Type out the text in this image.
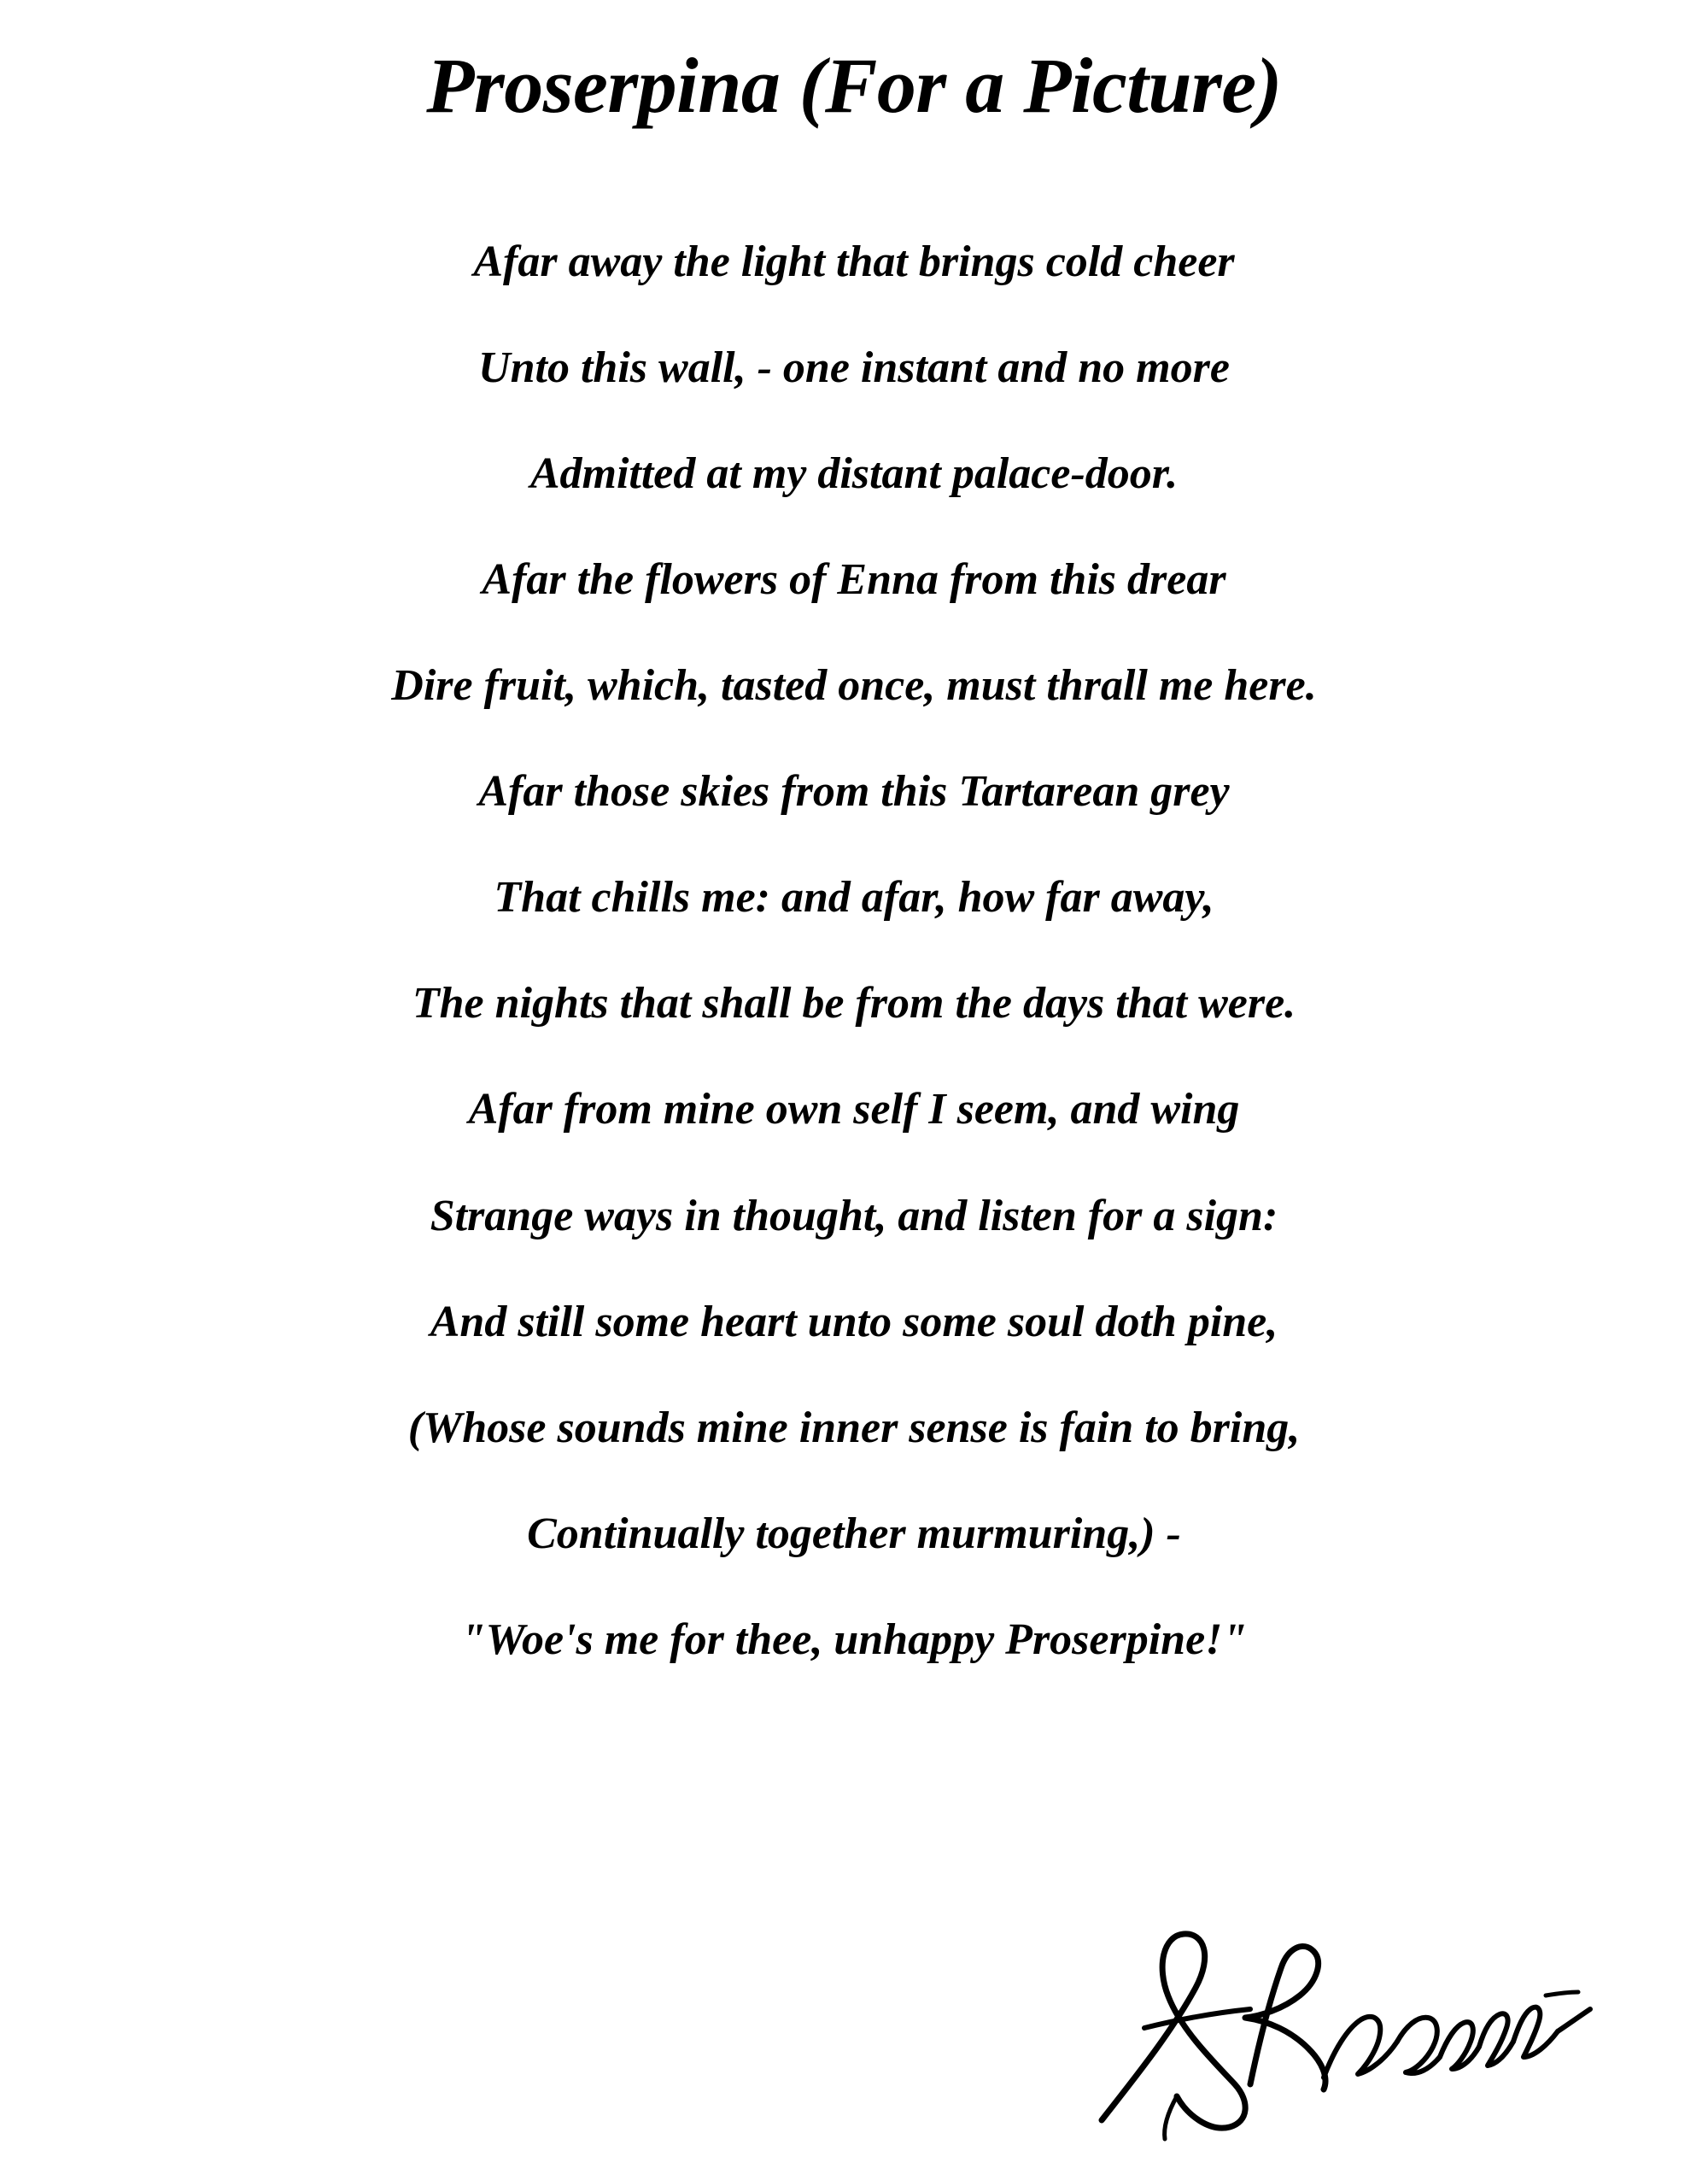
Proserpina (For a Picture)

Afar away the light that brings cold cheer

Unto this wall, - one instant and no more

Admitted at my distant palace-door.

Afar the flowers of Enna from this drear

Dire fruit, which, tasted once, must thrall me here.

Afar those skies from this Tartarean grey

That chills me: and afar, how far away,

The nights that shall be from the days that were.

Afar from mine own self I seem, and wing

Strange ways in thought, and listen for a sign:

And still some heart unto some soul doth pine,

(Whose sounds mine inner sense is fain to bring,

Continually together murmuring,) -

"Woe's me for thee, unhappy Proserpine!"
